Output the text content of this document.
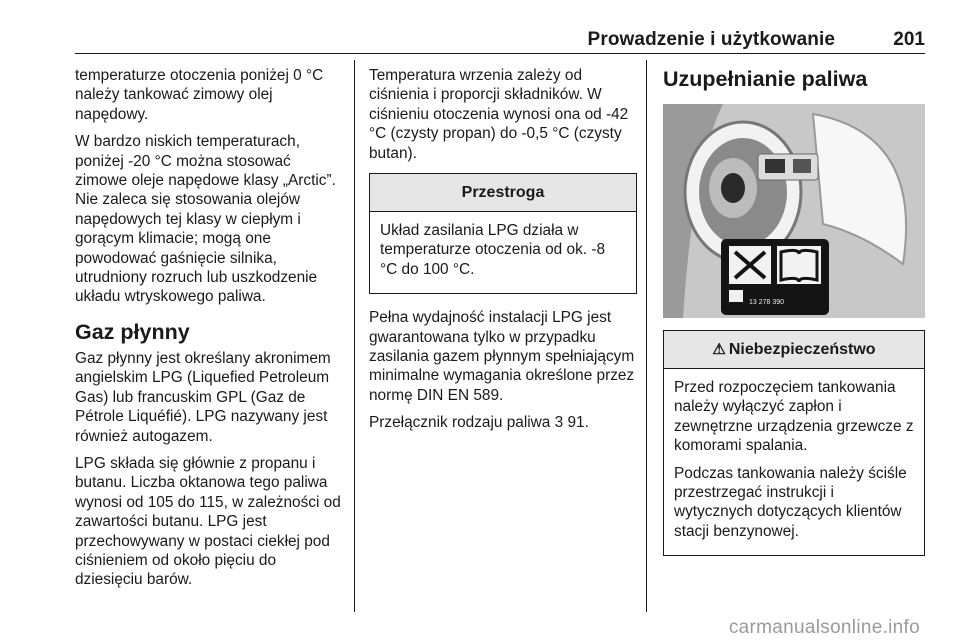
Prowadzenie i użytkowanie	201

temperaturze otoczenia poniżej 0 °C należy tankować zimowy olej napędowy.

W bardzo niskich temperaturach, poniżej -20 °C można stosować zimowe oleje napędowe klasy „Arctic”. Nie zaleca się stosowania olejów napędowych tej klasy w ciepłym i gorącym klimacie; mogą one powodować gaśnięcie silnika, utrudniony rozruch lub uszkodzenie układu wtryskowego paliwa.

Gaz płynny

Gaz płynny jest określany akronimem angielskim LPG (Liquefied Petroleum Gas) lub francuskim GPL (Gaz de Pétrole Liquéfié). LPG nazywany jest również autogazem.

LPG składa się głównie z propanu i butanu. Liczba oktanowa tego paliwa wynosi od 105 do 115, w zależności od zawartości butanu. LPG jest przechowywany w postaci ciekłej pod ciśnieniem od około pięciu do dziesięciu barów.

Temperatura wrzenia zależy od ciśnienia i proporcji składników. W ciśnieniu otoczenia wynosi ona od -42 °C (czysty propan) do -0,5 °C (czysty butan).

Przestroga

Układ zasilania LPG działa w temperaturze otoczenia od ok. -8 °C do 100 °C.

Pełna wydajność instalacji LPG jest gwarantowana tylko w przypadku zasilania gazem płynnym spełniającym minimalne wymagania określone przez normę DIN EN 589.

Przełącznik rodzaju paliwa 3 91.

Uzupełnianie paliwa
13 278 390
⚠ Niebezpieczeństwo

Przed rozpoczęciem tankowania należy wyłączyć zapłon i zewnętrzne urządzenia grzewcze z komorami spalania.

Podczas tankowania należy ściśle przestrzegać instrukcji i wytycznych dotyczących klientów stacji benzynowej.

carmanualsonline.info
